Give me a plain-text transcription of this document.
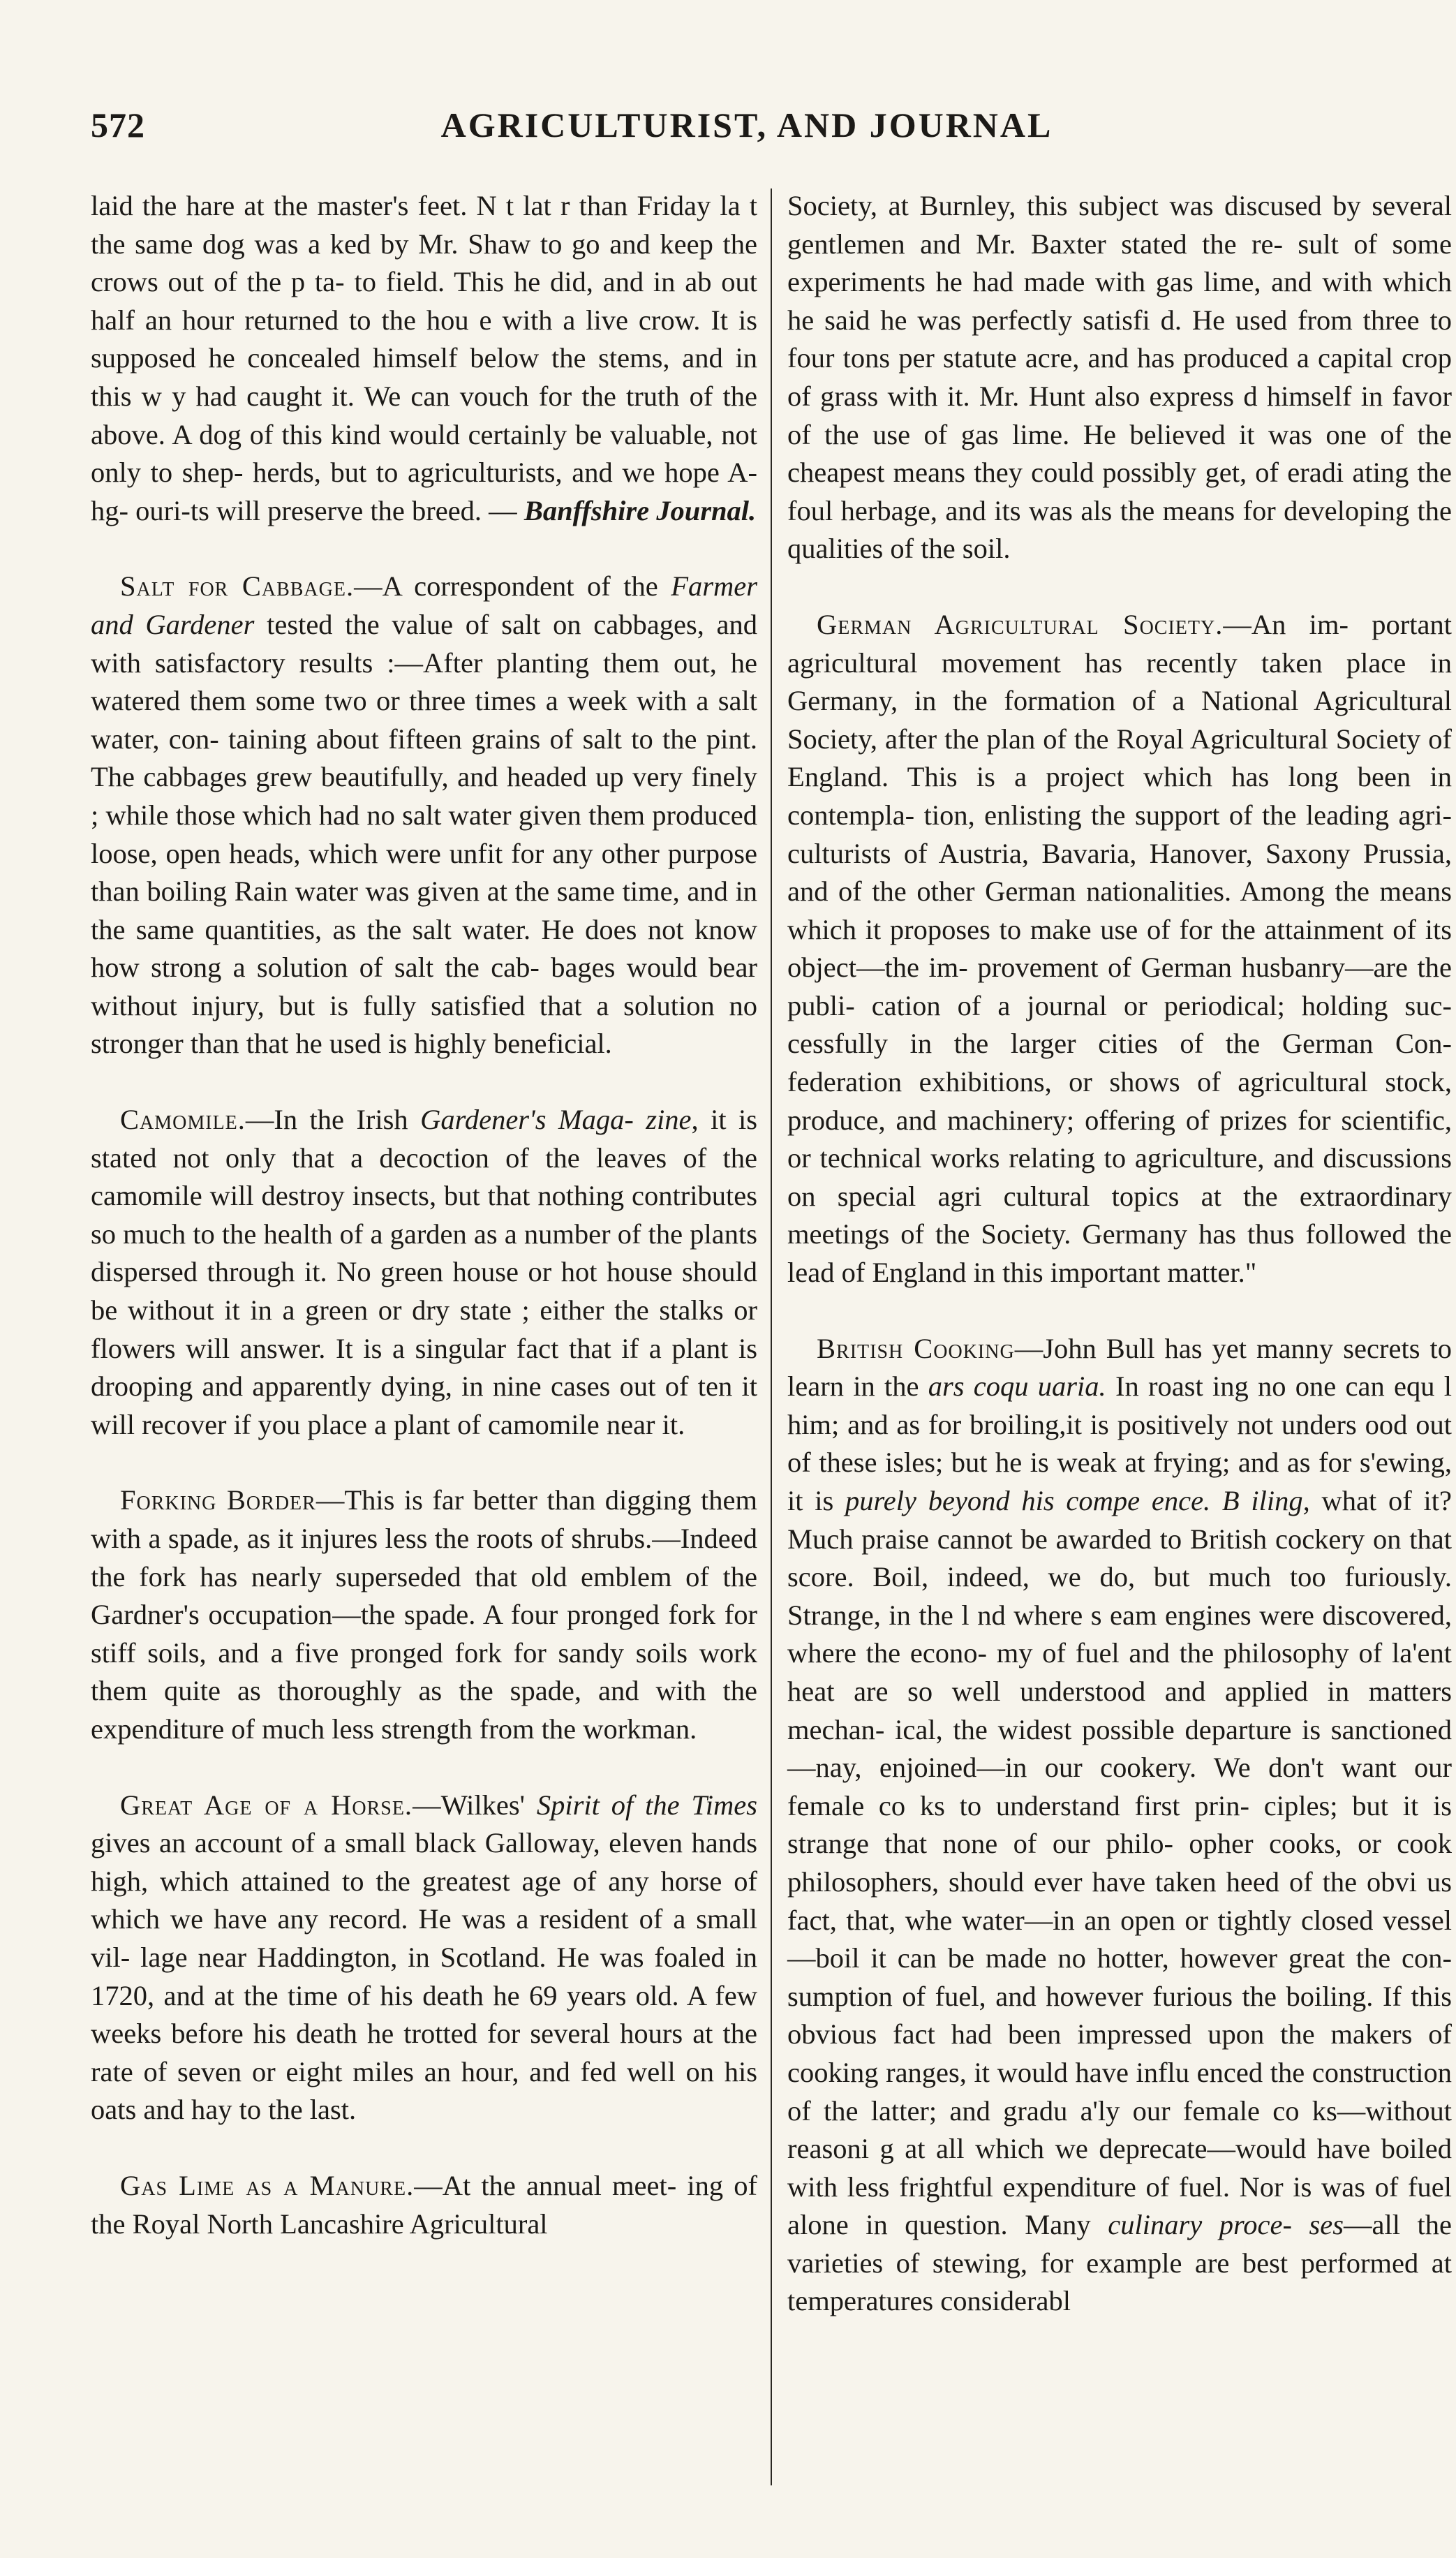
572	AGRICULTURIST, AND JOURNAL

laid the hare at the master's feet. N t lat r than Friday la t the same dog was a ked by Mr. Shaw to go and keep the crows out of the p ta- to field. This he did, and in ab out half an hour returned to the hou e with a live crow. It is supposed he concealed himself below the stems, and in this w y had caught it. We can vouch for the truth of the above. A dog of this kind would certainly be valuable, not only to shep- herds, but to agriculturists, and we hope A-hg- ouri-ts will preserve the breed. — Banffshire Journal.

Salt for Cabbage.—A correspondent of the Farmer and Gardener tested the value of salt on cabbages, and with satisfactory results :—After planting them out, he watered them some two or three times a week with a salt water, con- taining about fifteen grains of salt to the pint. The cabbages grew beautifully, and headed up very finely ; while those which had no salt water given them produced loose, open heads, which were unfit for any other purpose than boiling Rain water was given at the same time, and in the same quantities, as the salt water. He does not know how strong a solution of salt the cab- bages would bear without injury, but is fully satisfied that a solution no stronger than that he used is highly beneficial.

Camomile.—In the Irish Gardener's Maga- zine, it is stated not only that a decoction of the leaves of the camomile will destroy insects, but that nothing contributes so much to the health of a garden as a number of the plants dispersed through it. No green house or hot house should be without it in a green or dry state ; either the stalks or flowers will answer. It is a singular fact that if a plant is drooping and apparently dying, in nine cases out of ten it will recover if you place a plant of camomile near it.

Forking Border—This is far better than digging them with a spade, as it injures less the roots of shrubs.—Indeed the fork has nearly superseded that old emblem of the Gardner's occupation—the spade. A four pronged fork for stiff soils, and a five pronged fork for sandy soils work them quite as thoroughly as the spade, and with the expenditure of much less strength from the workman.

Great Age of a Horse.—Wilkes' Spirit of the Times gives an account of a small black Galloway, eleven hands high, which attained to the greatest age of any horse of which we have any record. He was a resident of a small vil- lage near Haddington, in Scotland. He was foaled in 1720, and at the time of his death he 69 years old. A few weeks before his death he trotted for several hours at the rate of seven or eight miles an hour, and fed well on his oats and hay to the last.

Gas Lime as a Manure.—At the annual meet- ing of the Royal North Lancashire Agricultural

Society, at Burnley, this subject was discused by several gentlemen and Mr. Baxter stated the re- sult of some experiments he had made with gas lime, and with which he said he was perfectly satisfi d. He used from three to four tons per statute acre, and has produced a capital crop of grass with it. Mr. Hunt also express d himself in favor of the use of gas lime. He believed it was one of the cheapest means they could possibly get, of eradi ating the foul herbage, and its was als the means for developing the qualities of the soil.

German Agricultural Society.—An im- portant agricultural movement has recently taken place in Germany, in the formation of a National Agricultural Society, after the plan of the Royal Agricultural Society of England. This is a project which has long been in contempla- tion, enlisting the support of the leading agri- culturists of Austria, Bavaria, Hanover, Saxony Prussia, and of the other German nationalities. Among the means which it proposes to make use of for the attainment of its object—the im- provement of German husbanry—are the publi- cation of a journal or periodical; holding suc- cessfully in the larger cities of the German Con- federation exhibitions, or shows of agricultural stock, produce, and machinery; offering of prizes for scientific, or technical works relating to agriculture, and discussions on special agri cultural topics at the extraordinary meetings of the Society. Germany has thus followed the lead of England in this important matter."

British Cooking—John Bull has yet manny secrets to learn in the ars coqu uaria. In roast ing no one can equ l him; and as for broiling,it is positively not unders ood out of these isles; but he is weak at frying; and as for s'ewing, it is purely beyond his compe ence. B iling, what of it? Much praise cannot be awarded to British cockery on that score. Boil, indeed, we do, but much too furiously. Strange, in the l nd where s eam engines were discovered, where the econo- my of fuel and the philosophy of la'ent heat are so well understood and applied in matters mechan- ical, the widest possible departure is sanctioned —nay, enjoined—in our cookery. We don't want our female co ks to understand first prin- ciples; but it is strange that none of our philo- opher cooks, or cook philosophers, should ever have taken heed of the obvi us fact, that, whe water—in an open or tightly closed vessel—boil it can be made no hotter, however great the con- sumption of fuel, and however furious the boiling. If this obvious fact had been impressed upon the makers of cooking ranges, it would have influ enced the construction of the latter; and gradu a'ly our female co ks—without reasoni g at all which we deprecate—would have boiled with less frightful expenditure of fuel. Nor is was of fuel alone in question. Many culinary proce- ses—all the varieties of stewing, for example are best performed at temperatures considerabl
